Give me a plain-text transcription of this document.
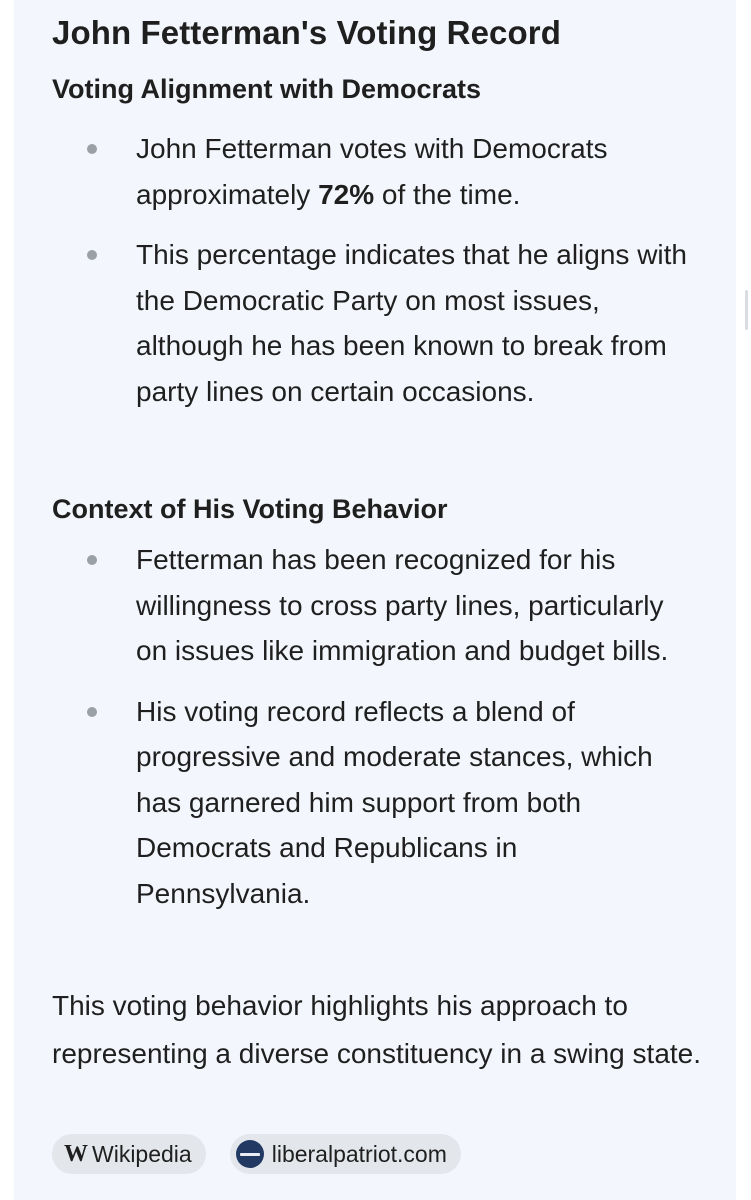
John Fetterman's Voting Record
Voting Alignment with Democrats
John Fetterman votes with Democrats approximately 72% of the time.
This percentage indicates that he aligns with the Democratic Party on most issues, although he has been known to break from party lines on certain occasions.
Context of His Voting Behavior
Fetterman has been recognized for his willingness to cross party lines, particularly on issues like immigration and budget bills.
His voting record reflects a blend of progressive and moderate stances, which has garnered him support from both Democrats and Republicans in Pennsylvania.
This voting behavior highlights his approach to representing a diverse constituency in a swing state.
W Wikipedia	liberalpatriot.com
